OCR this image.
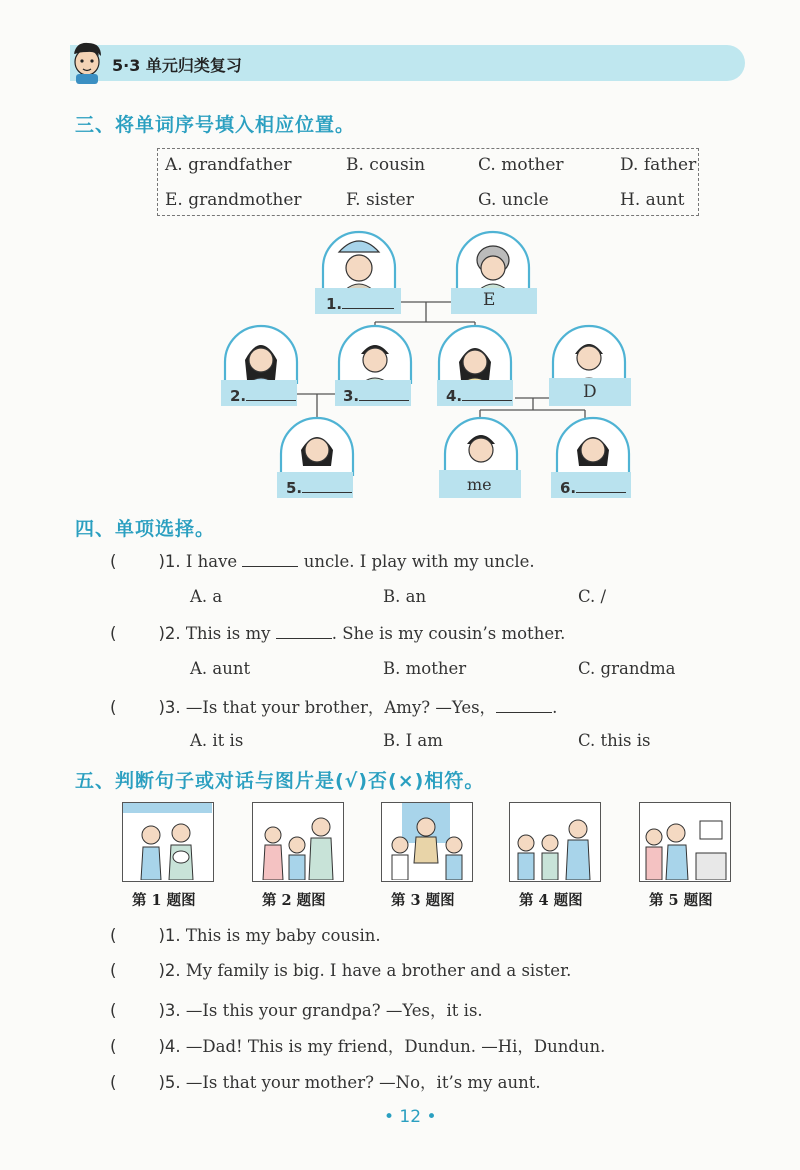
5·3 单元归类复习
三、将单词序号填入相应位置。
A. grandfather	B. cousin	C. mother	D. father
E. grandmother	F. sister	G. uncle	H. aunt
1.	E
2.	3.	4.	D
5.	me	6.
四、单项选择。
(	)1. I have	uncle. I play with my uncle.
A. a	B. an	C. /
(	)2. This is my	. She is my cousin’s mother.
A. aunt	B. mother	C. grandma
(	)3. —Is that your brother，Amy? —Yes，	.
A. it is	B. I am	C. this is
五、判断句子或对话与图片是(√)否(×)相符。
第 1 题图	第 2 题图	第 3 题图	第 4 题图	第 5 题图
(	)1. This is my baby cousin.
(	)2. My family is big. I have a brother and a sister.
(	)3. —Is this your grandpa? —Yes，it is.
(	)4. —Dad! This is my friend，Dundun. —Hi，Dundun.
(	)5. —Is that your mother? —No，it’s my aunt.
• 12 •
